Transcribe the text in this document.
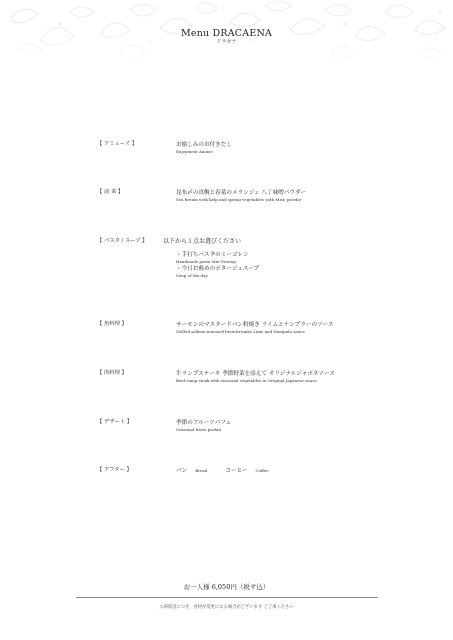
Menu DRACAENA
ドラセナ
【 アミューズ 】	お愉しみのお付きだし
Enjoyment Amuse
【 前 菜 】	昆布〆の真鯛と春菜のメランジェ 八丁味噌パウダー
Sea bream with kelp and spring vegetables with Miso powder
【 パスタ / スープ 】	以下から１点お選びください
・手打ちパスタのミーゴレン
Handmade pasta Mie-Goreng
・今日お薦めのポタージュスープ
Soup of the day
【 魚料理 】	サーモンのマスタードパン粉焼き ライムとナンプラーのソース
Grilled salmon mustard breadcrumbs Lime and Nampula sauce
【 肉料理 】	牛ランプステーキ 季節野菜を添えて オリジナルジャポネソース
Beef rump steak with seasonal vegetables in Original Japanese sauce
【 デザート 】	季節のフルーツパフェ
Seasonal fruits parfait
【 アフター 】	パン Bread	コーヒー Coffee
お一人様 6,050円（税サ込）
入荷状況につき、食材が変更になる場合がございます ご了承ください
